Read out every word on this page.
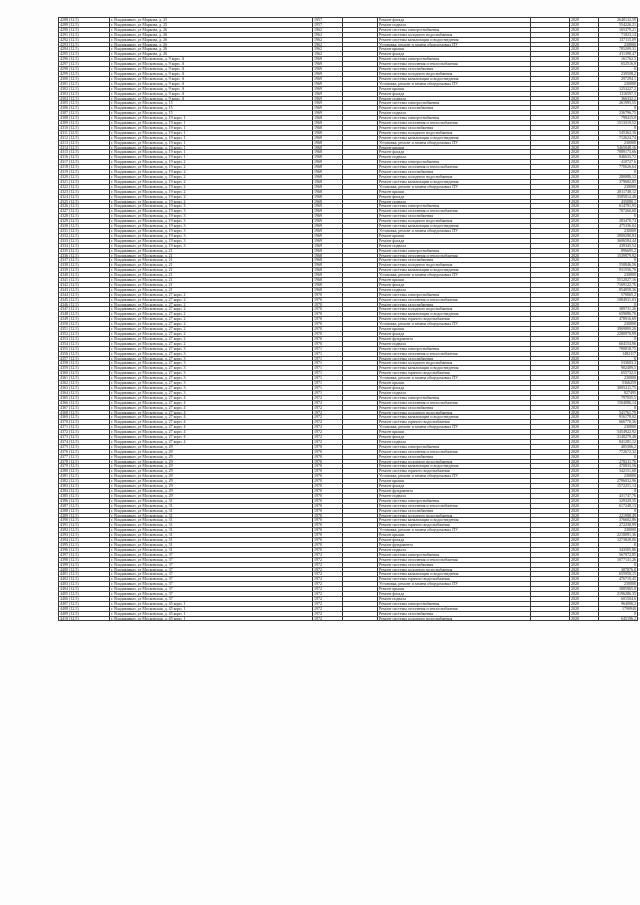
4288 (12.5)	г. Владикавказ, ул Маркова, д. 25	1957		Ремонт фасада		2020	2648132,59
4289 (12.5)	г. Владикавказ, ул Маркова, д. 25	1957		Ремонт подвала		2020	554226,21
4290 (12.5)	г. Владикавказ, ул Маркова, д. 26	1962		Ремонт системы электроснабжения		2020	165379,21
4291 (12.5)	г. Владикавказ, ул Маркова, д. 26	1962		Ремонт системы холодного водоснабжения		2020	71823,14
4292 (12.5)	г. Владикавказ, ул Маркова, д. 26	1962		Ремонт системы канализации и водоотведения		2020	137115,09
4293 (12.5)	г. Владикавказ, ул Маркова, д. 26	1962		Установка, ремонт и замена общедомовых ПУ		2020	230000
4294 (12.5)	г. Владикавказ, ул Маркова, д. 26	1962		Ремонт крыши		2020	785209,31
4295 (12.5)	г. Владикавказ, ул Маркова, д. 26	1962		Ремонт фасада		2020	411398,47
4296 (12.5)	г. Владикавказ, ул Московская, д. 9 корп. А	1969		Ремонт системы электроснабжения		2020	161762,5
4297 (12.5)	г. Владикавказ, ул Московская, д. 9 корп. А	1969		Ремонт системы отопления и теплоснабжения		2020	652516,9
4298 (12.5)	г. Владикавказ, ул Московская, д. 9 корп. А	1969		Ремонт системы газоснабжения		2020	0
4299 (12.5)	г. Владикавказ, ул Московская, д. 9 корп. А	1969		Ремонт системы холодного водоснабжения		2020	239508,2
4300 (12.5)	г. Владикавказ, ул Московская, д. 9 корп. А	1969		Ремонт системы канализации и водоотведения		2020	297294,1
4301 (12.5)	г. Владикавказ, ул Московская, д. 9 корп. А	1969		Установка, ремонт и замена общедомовых ПУ		2020	230000
4302 (12.5)	г. Владикавказ, ул Московская, д. 9 корп. А	1969		Ремонт крыши		2020	1253227,2
4303 (12.5)	г. Владикавказ, ул Московская, д. 9 корп. А	1969		Ремонт фасада		2020	1116597,3
4304 (12.5)	г. Владикавказ, ул Московская, д. 9 корп. А	1969		Ремонт подвала		2020	366332,2
4305 (12.5)	г. Владикавказ, ул Московская, д. 15	1969		Ремонт системы электроснабжения		2020	261995,55
4306 (12.5)	г. Владикавказ, ул Московская, д. 15	1969		Ремонт системы газоснабжения		2020	0
4307 (12.5)	г. Владикавказ, ул Московская, д. 15	1969		Ремонт подвала		2020	236796,75
4308 (12.5)	г. Владикавказ, ул Московская, д. 19 корп. 1	1968		Ремонт системы электроснабжения		2020	798415,8
4309 (12.5)	г. Владикавказ, ул Московская, д. 19 корп. 1	1968		Ремонт системы отопления и теплоснабжения		2020	1513319,52
4310 (12.5)	г. Владикавказ, ул Московская, д. 19 корп. 1	1968		Ремонт системы газоснабжения		2020	0
4311 (12.5)	г. Владикавказ, ул Московская, д. 19 корп. 1	1968		Ремонт системы холодного водоснабжения		2020	545362,16
4312 (12.5)	г. Владикавказ, ул Московская, д. 19 корп. 1	1968		Ремонт системы канализации и водоотведения		2020	712624,74
4313 (12.5)	г. Владикавказ, ул Московская, д. 19 корп. 1	1968		Установка, ремонт и замена общедомовых ПУ		2020	230000
4314 (12.5)	г. Владикавказ, ул Московская, д. 19 корп. 1	1968		Ремонт крыши		2020	5465048,16
4315 (12.5)	г. Владикавказ, ул Московская, д. 19 корп. 1	1968		Ремонт фасада		2020	7089173,66
4316 (12.5)	г. Владикавказ, ул Московская, д. 19 корп. 1	1968		Ремонт подвала		2020	846633,72
4317 (12.5)	г. Владикавказ, ул Московская, д. 19 корп. 2	1968		Ремонт системы электроснабжения		2020	410727,6
4318 (12.5)	г. Владикавказ, ул Московская, д. 19 корп. 2	1968		Ремонт системы отопления и теплоснабжения		2020	770626,64
4319 (12.5)	г. Владикавказ, ул Московская, д. 19 корп. 2	1968		Ремонт системы газоснабжения		2020	0
4320 (12.5)	г. Владикавказ, ул Московская, д. 19 корп. 2	1968		Ремонт системы холодного водоснабжения		2020	280080,12
4321 (12.5)	г. Владикавказ, ул Московская, д. 19 корп. 2	1968		Ремонт системы канализации и водоотведения		2020	379682,85
4322 (12.5)	г. Владикавказ, ул Московская, д. 19 корп. 2	1968		Установка, ремонт и замена общедомовых ПУ		2020	230000
4323 (12.5)	г. Владикавказ, ул Московская, д. 19 корп. 2	1968		Ремонт крыши		2020	2811748,12
4324 (12.5)	г. Владикавказ, ул Московская, д. 19 корп. 2	1968		Ремонт фасада		2020	3585014,48
4325 (12.5)	г. Владикавказ, ул Московская, д. 19 корп. 2	1968		Ремонт подвала		2020	435080,1
4326 (12.5)	г. Владикавказ, ул Московская, д. 19 корп. 3	1969		Ремонт системы электроснабжения		2020	614791,95
4327 (12.5)	г. Владикавказ, ул Московская, д. 19 корп. 3	1969		Ремонт системы отопления и теплоснабжения		2020	787260,68
4328 (12.5)	г. Владикавказ, ул Московская, д. 19 корп. 3	1969		Ремонт системы газоснабжения		2020	0
4329 (12.5)	г. Владикавказ, ул Московская, д. 19 корп. 3	1969		Ремонт системы холодного водоснабжения		2020	283470,74
4330 (12.5)	г. Владикавказ, ул Московская, д. 19 корп. 3	1969		Ремонт системы канализации и водоотведения		2020	475336,04
4331 (12.5)	г. Владикавказ, ул Московская, д. 19 корп. 3	1969		Установка, ремонт и замена общедомовых ПУ		2020	230000
4332 (12.5)	г. Владикавказ, ул Московская, д. 19 корп. 3	1969		Ремонт крыши		2020	2809290,84
4333 (12.5)	г. Владикавказ, ул Московская, д. 19 корп. 3	1969		Ремонт фасада		2020	3606584,44
4334 (12.5)	г. Владикавказ, ул Московская, д. 19 корп. 3	1969		Ремонт подвала		2020	439345,54
4335 (12.5)	г. Владикавказ, ул Московская, д. 21	1968		Ремонт системы электроснабжения		2020	896695,2
4336 (12.5)	г. Владикавказ, ул Московская, д. 21	1968		Ремонт системы отопления и теплоснабжения		2020	1539979,92
4337 (12.5)	г. Владикавказ, ул Московская, д. 21	1968		Ремонт системы газоснабжения		2020	0
4338 (12.5)	г. Владикавказ, ул Московская, д. 21	1968		Ремонт системы холодного водоснабжения		2020	550846,56
4339 (12.5)	г. Владикавказ, ул Московская, д. 21	1968		Ремонт системы канализации и водоотведения		2020	931556,76
4340 (12.5)	г. Владикавказ, ул Московская, д. 21	1968		Установка, ремонт и замена общедомовых ПУ		2020	230000
4341 (12.5)	г. Владикавказ, ул Московская, д. 21	1968		Ремонт крыши		2020	5512027,16
4342 (12.5)	г. Владикавказ, ул Московская, д. 21	1968		Ремонт фасада		2020	7169122,76
4343 (12.5)	г. Владикавказ, ул Московская, д. 21	1968		Ремонт подвала		2020	854058,36
4344 (12.5)	г. Владикавказ, ул Московская, д. 27 корп. 2	1970		Ремонт системы электроснабжения		2020	570065,2
4345 (12.5)	г. Владикавказ, ул Московская, д. 27 корп. 2	1970		Ремонт системы отопления и теплоснабжения		2020	1084931,03
4346 (12.5)	г. Владикавказ, ул Московская, д. 27 корп. 2	1970		Ремонт системы газоснабжения		2020	0
4347 (12.5)	г. Владикавказ, ул Московская, д. 27 корп. 2	1970		Ремонт системы холодного водоснабжения		2020	389731,26
4348 (12.5)	г. Владикавказ, ул Московская, д. 27 корп. 2	1970		Ремонт системы канализации и водоотведения		2020	659086,76
4349 (12.5)	г. Владикавказ, ул Московская, д. 27 корп. 2	1970		Ремонт системы горячего водоснабжения		2020	478916,69
4350 (12.5)	г. Владикавказ, ул Московская, д. 27 корп. 2	1970		Установка, ремонт и замена общедомовых ПУ		2020	230000
4351 (12.5)	г. Владикавказ, ул Московская, д. 27 корп. 2	1970		Ремонт крыши		2020	3969809,26
4352 (12.5)	г. Владикавказ, ул Московская, д. 27 корп. 2	1970		Ремонт фасада		2020	2280970,99
4353 (12.5)	г. Владикавказ, ул Московская, д. 27 корп. 2	1970		Ремонт фундамента		2020	0
4354 (12.5)	г. Владикавказ, ул Московская, д. 27 корп. 2	1970		Ремонт подвала		2020	604154,96
4355 (12.5)	г. Владикавказ, ул Московская, д. 27 корп. 3	1971		Ремонт системы электроснабжения		2020	780818,75
4356 (12.5)	г. Владикавказ, ул Московская, д. 27 корп. 3	1971		Ремонт системы отопления и теплоснабжения		2020	1482117
4357 (12.5)	г. Владикавказ, ул Московская, д. 27 корп. 3	1971		Ремонт системы газоснабжения		2020	0
4358 (12.5)	г. Владикавказ, ул Московская, д. 27 корп. 3	1971		Ремонт системы холодного водоснабжения		2020	533603,3
4359 (12.5)	г. Владикавказ, ул Московская, д. 27 корп. 3	1971		Ремонт системы канализации и водоотведения		2020	902409,5
4360 (12.5)	г. Владикавказ, ул Московская, д. 27 корп. 3	1971		Ремонт системы горячего водоснабжения		2020	655732,5
4361 (12.5)	г. Владикавказ, ул Московская, д. 27 корп. 3	1971		Установка, ремонт и замена общедомовых ПУ		2020	230000
4362 (12.5)	г. Владикавказ, ул Московская, д. 27 корп. 3	1971		Ремонт крыши		2020	5366259
4363 (12.5)	г. Владикавказ, ул Московская, д. 27 корп. 3	1971		Ремонт фасада		2020	3085211,75
4364 (12.5)	г. Владикавказ, ул Московская, д. 27 корп. 3	1971		Ремонт подвала		2020	827495
4365 (12.5)	г. Владикавказ, ул Московская, д. 27 корп. 4	1972		Ремонт системы электроснабжения		2020	797035,5
4366 (12.5)	г. Владикавказ, ул Московская, д. 27 корп. 4	1972		Ремонт системы отопления и теплоснабжения		2020	1504086,14
4367 (12.5)	г. Владикавказ, ул Московская, д. 27 корп. 4	1972		Ремонт системы газоснабжения		2020	0
4368 (12.5)	г. Владикавказ, ул Московская, д. 27 корп. 4	1972		Ремонт системы холодного водоснабжения		2020	541761,79
4369 (12.5)	г. Владикавказ, ул Московская, д. 27 корп. 4	1972		Ремонт системы канализации и водоотведения		2020	916178,02
4370 (12.5)	г. Владикавказ, ул Московская, д. 27 корп. 4	1972		Ремонт системы горячего водоснабжения		2020	666770,36
4371 (12.5)	г. Владикавказ, ул Московская, д. 27 корп. 4	1972		Установка, ремонт и замена общедомовых ПУ		2020	230000
4372 (12.5)	г. Владикавказ, ул Московская, д. 27 корп. 4	1972		Ремонт крыши		2020	5454922,92
4373 (12.5)	г. Владикавказ, ул Московская, д. 27 корп. 4	1972		Ремонт фасада		2020	3140279,48
4374 (12.5)	г. Владикавказ, ул Московская, д. 27 корп. 4	1972		Ремонт подвала		2020	841281,12
4375 (12.5)	г. Владикавказ, ул Московская, д. 29	1970		Ремонт системы электроснабжения		2020	405306,2
4376 (12.5)	г. Владикавказ, ул Московская, д. 29	1970		Ремонт системы отопления и теплоснабжения		2020	772672,32
4377 (12.5)	г. Владикавказ, ул Московская, д. 29	1970		Ремонт системы газоснабжения		2020	0
4378 (12.5)	г. Владикавказ, ул Московская, д. 29	1970		Ремонт системы холодного водоснабжения		2020	278211,76
4379 (12.5)	г. Владикавказ, ул Московская, д. 29	1970		Ремонт системы канализации и водоотведения		2020	470833,56
4380 (12.5)	г. Владикавказ, ул Московская, д. 29	1970		Ремонт системы горячего водоснабжения		2020	342151,68
4381 (12.5)	г. Владикавказ, ул Московская, д. 29	1970		Установка, ремонт и замена общедомовых ПУ		2020	230000
4382 (12.5)	г. Владикавказ, ул Московская, д. 29	1970		Ремонт крыши		2020	2786032,96
4383 (12.5)	г. Владикавказ, ул Московская, д. 29	1970		Ремонт фасада		2020	1572251,14
4384 (12.5)	г. Владикавказ, ул Московская, д. 29	1970		Ремонт фундамента		2020	0
4385 (12.5)	г. Владикавказ, ул Московская, д. 29	1970		Ремонт подвала		2020	431747,76
4386 (12.5)	г. Владикавказ, ул Московская, д. 31	1970		Ремонт системы электроснабжения		2020	329329,35
4387 (12.5)	г. Владикавказ, ул Московская, д. 31	1970		Ремонт системы отопления и теплоснабжения		2020	617248,13
4388 (12.5)	г. Владикавказ, ул Московская, д. 31	1970		Ремонт системы газоснабжения		2020	0
4389 (12.5)	г. Владикавказ, ул Московская, д. 31	1970		Ремонт системы холодного водоснабжения		2020	221908,49
4390 (12.5)	г. Владикавказ, ул Московская, д. 31	1970		Ремонт системы канализации и водоотведения		2020	376602,86
4391 (12.5)	г. Владикавказ, ул Московская, д. 31	1970		Ремонт системы горячего водоснабжения		2020	272230,99
4392 (12.5)	г. Владикавказ, ул Московская, д. 31	1970		Установка, ремонт и замена общедомовых ПУ		2020	230000
4393 (12.5)	г. Владикавказ, ул Московская, д. 31	1970		Ремонт крыши		2020	2218091,36
4394 (12.5)	г. Владикавказ, ул Московская, д. 31	1970		Ремонт фасада		2020	1273828,06
4395 (12.5)	г. Владикавказ, ул Московская, д. 31	1970		Ремонт фундамента		2020	0
4396 (12.5)	г. Владикавказ, ул Московская, д. 31	1970		Ремонт подвала		2020	343505,86
4397 (12.5)	г. Владикавказ, ул Московская, д. 37	1972		Ремонт системы электроснабжения		2020	567972,85
4398 (12.5)	г. Владикавказ, ул Московская, д. 37	1972		Ремонт системы отопления и теплоснабжения		2020	1077141,26
4399 (12.5)	г. Владикавказ, ул Московская, д. 37	1972		Ремонт системы газоснабжения		2020	0
4400 (12.5)	г. Владикавказ, ул Московская, д. 37	1972		Ремонт системы холодного водоснабжения		2020	387876,8
4401 (12.5)	г. Владикавказ, ул Московская, д. 37	1972		Ремонт системы канализации и водоотведения		2020	655950,15
4402 (12.5)	г. Владикавказ, ул Московская, д. 37	1972		Ремонт системы горячего водоснабжения		2020	476719,45
4403 (12.5)	г. Владикавказ, ул Московская, д. 37	1972		Установка, ремонт и замена общедомовых ПУ		2020	230000
4404 (12.5)	г. Владикавказ, ул Московская, д. 37	1972		Ремонт крыши		2020	3885965,8
4405 (12.5)	г. Владикавказ, ул Московская, д. 37	1972		Ремонт фасада		2020	2196286,35
4406 (12.5)	г. Владикавказ, ул Московская, д. 37	1972		Ремонт подвала		2020	601504,6
4407 (12.5)	г. Владикавказ, ул Московская, д. 45 корп. 1	1972		Ремонт системы электроснабжения		2020	964096,2
4408 (12.5)	г. Владикавказ, ул Московская, д. 45 корп. 1	1972		Ремонт системы отопления и теплоснабжения		2020	1790940
4409 (12.5)	г. Владикавказ, ул Московская, д. 45 корп. 1	1972		Ремонт системы газоснабжения		2020	0
4410 (12.5)	г. Владикавказ, ул Московская, д. 45 корп. 1	1972		Ремонт системы холодного водоснабжения		2020	645196,2
